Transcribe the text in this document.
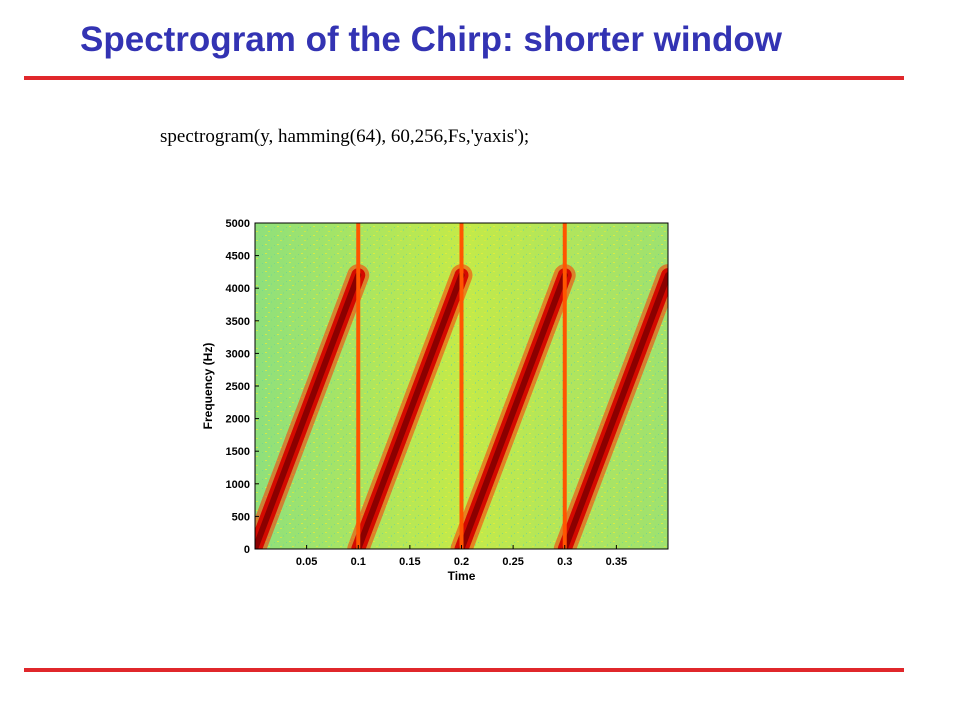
Spectrogram of the Chirp: shorter window
spectrogram(y, hamming(64), 60,256,Fs,'yaxis');
0
500
1000
1500
2000
2500
3000
3500
4000
4500
5000
0.05	0.1	0.15	0.2	0.25	0.3	0.35
Time
Frequency (Hz)
